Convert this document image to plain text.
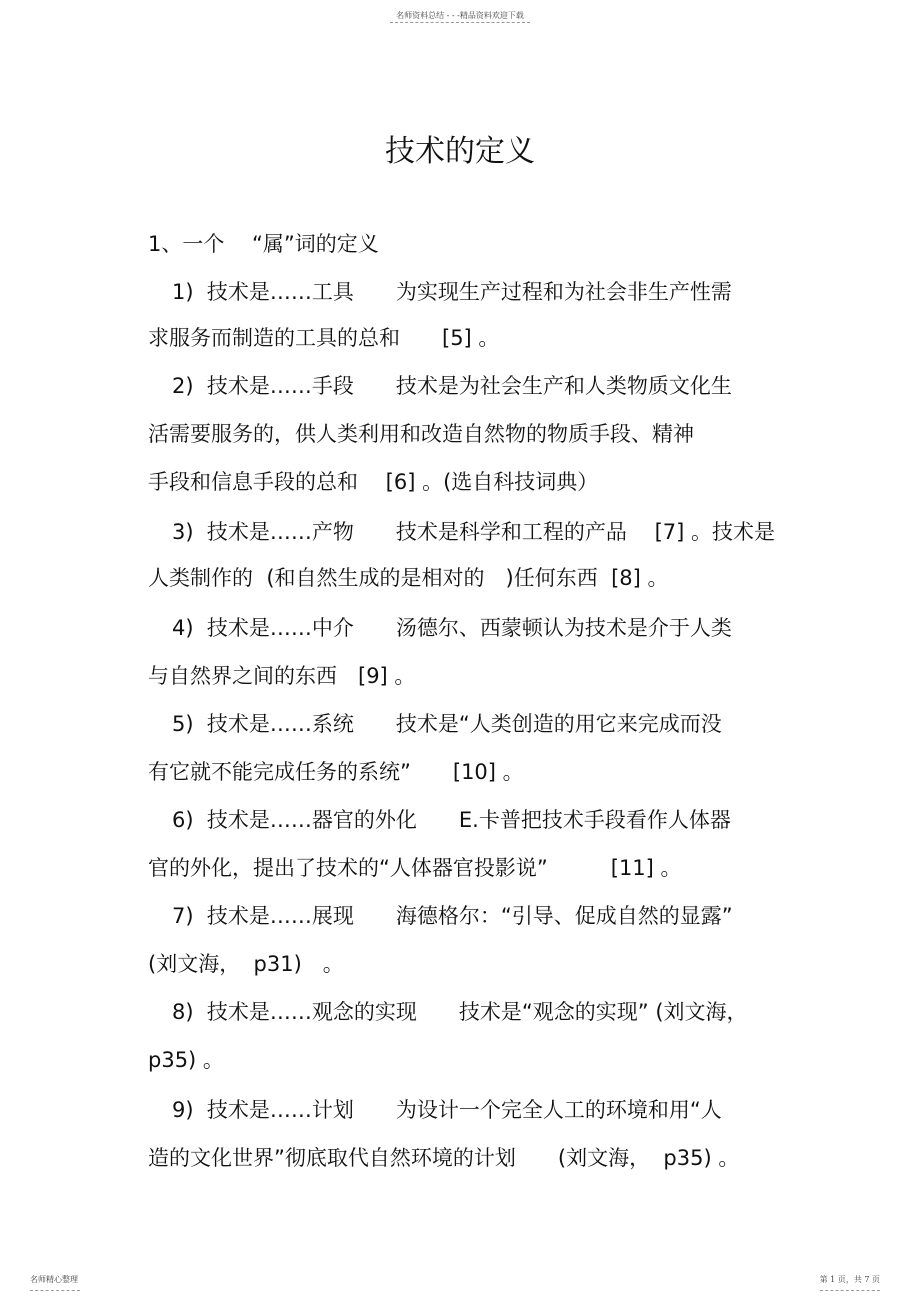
名师资料总结 - - -精品资料欢迎下载
技术的定义
1、一个　 “属”词的定义
1)  技术是……工具　　为实现生产过程和为社会非生产性需
求服务而制造的工具的总和　　[5] 。
2)  技术是……手段　　技术是为社会生产和人类物质文化生
活需要服务的，供人类利用和改造自然物的物质手段、精神
手段和信息手段的总和　 [6] 。(选自科技词典）
3)  技术是……产物　　技术是科学和工程的产品　 [7] 。技术是
人类制作的  (和自然生成的是相对的　)任何东西  [8] 。
4)  技术是……中介　　汤德尔、西蒙顿认为技术是介于人类
与自然界之间的东西　[9] 。
5)  技术是……系统　　技术是“人类创造的用它来完成而没
有它就不能完成任务的系统”　　[10] 。
6)  技术是……器官的外化　　E.卡普把技术手段看作人体器
官的外化，提出了技术的“人体器官投影说”　　　[11] 。
7)  技术是……展现　　海德格尔：“引导、促成自然的显露”
(刘文海，  p31)　。
8)  技术是……观念的实现　　技术是“观念的实现” (刘文海，
p35) 。
9)  技术是……计划　　为设计一个完全人工的环境和用“人
造的文化世界”彻底取代自然环境的计划　　(刘文海，  p35) 。
名师精心整理	第 1 页，共 7 页
